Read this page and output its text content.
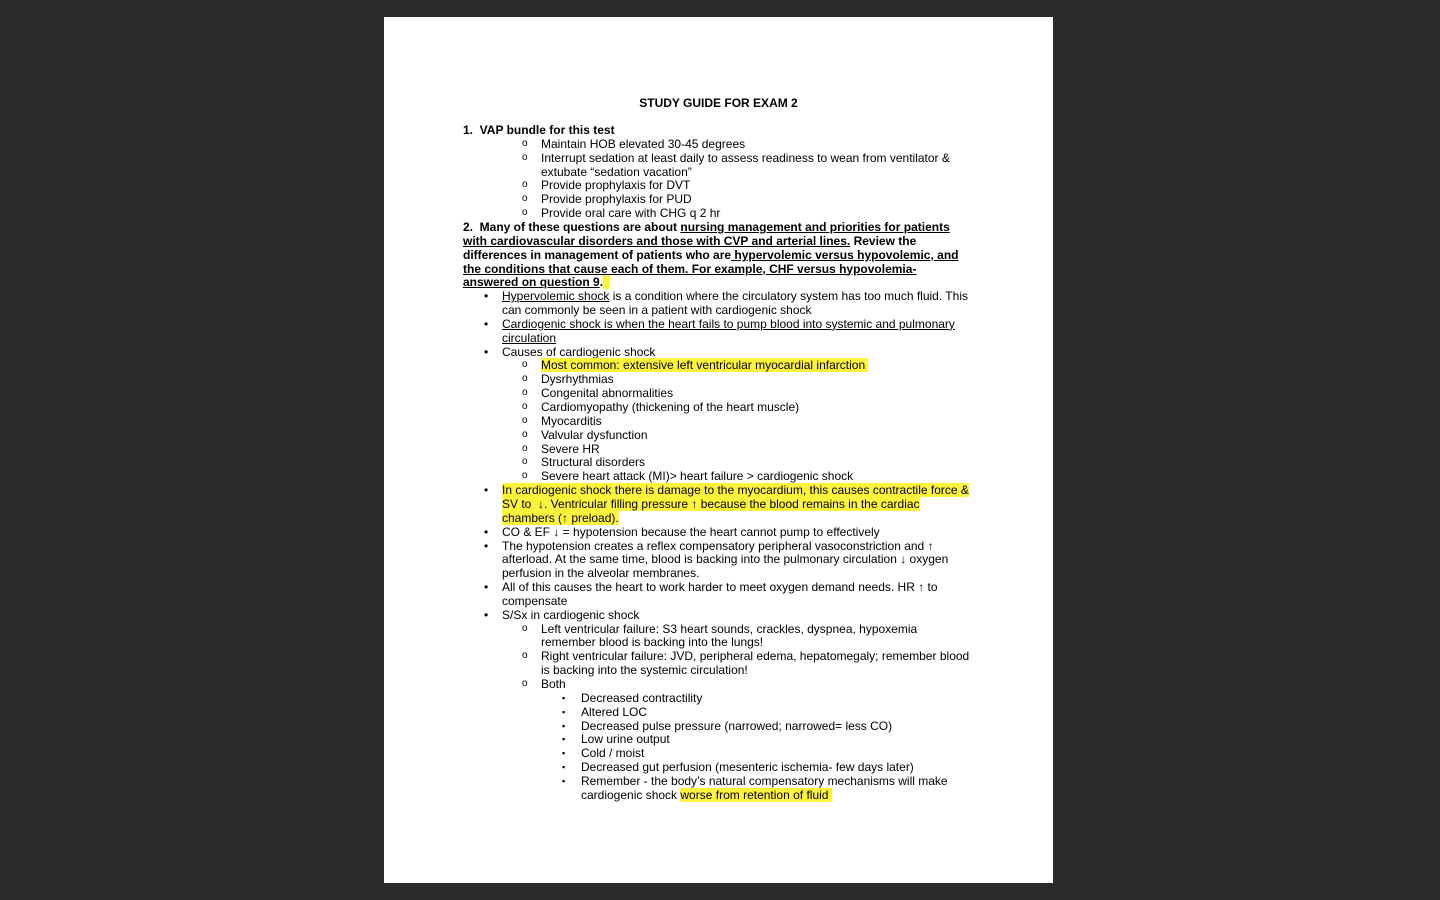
STUDY GUIDE FOR EXAM 2
1.  VAP bundle for this test
o Maintain HOB elevated 30-45 degrees
o Interrupt sedation at least daily to assess readiness to wean from ventilator &
extubate “sedation vacation”
o Provide prophylaxis for DVT
o Provide prophylaxis for PUD
o Provide oral care with CHG q 2 hr
2.  Many of these questions are about nursing management and priorities for patients
with cardiovascular disorders and those with CVP and arterial lines. Review the
differences in management of patients who are hypervolemic versus hypovolemic, and
the conditions that cause each of them. For example, CHF versus hypovolemia-
answered on question 9.
• Hypervolemic shock is a condition where the circulatory system has too much fluid. This
can commonly be seen in a patient with cardiogenic shock
• Cardiogenic shock is when the heart fails to pump blood into systemic and pulmonary
circulation
• Causes of cardiogenic shock
o Most common: extensive left ventricular myocardial infarction
o Dysrhythmias
o Congenital abnormalities
o Cardiomyopathy (thickening of the heart muscle)
o Myocarditis
o Valvular dysfunction
o Severe HR
o Structural disorders
o Severe heart attack (MI)> heart failure > cardiogenic shock
• In cardiogenic shock there is damage to the myocardium, this causes contractile force &
SV to  ↓. Ventricular filling pressure ↑ because the blood remains in the cardiac
chambers (↑ preload).
• CO & EF ↓ = hypotension because the heart cannot pump to effectively
• The hypotension creates a reflex compensatory peripheral vasoconstriction and ↑
afterload. At the same time, blood is backing into the pulmonary circulation ↓ oxygen
perfusion in the alveolar membranes.
• All of this causes the heart to work harder to meet oxygen demand needs. HR ↑ to
compensate
• S/Sx in cardiogenic shock
o Left ventricular failure: S3 heart sounds, crackles, dyspnea, hypoxemia
remember blood is backing into the lungs!
o Right ventricular failure: JVD, peripheral edema, hepatomegaly; remember blood
is backing into the systemic circulation!
o Both
▪ Decreased contractility
▪ Altered LOC
▪ Decreased pulse pressure (narrowed; narrowed= less CO)
▪ Low urine output
▪ Cold / moist
▪ Decreased gut perfusion (mesenteric ischemia- few days later)
▪ Remember - the body’s natural compensatory mechanisms will make
cardiogenic shock worse from retention of fluid
